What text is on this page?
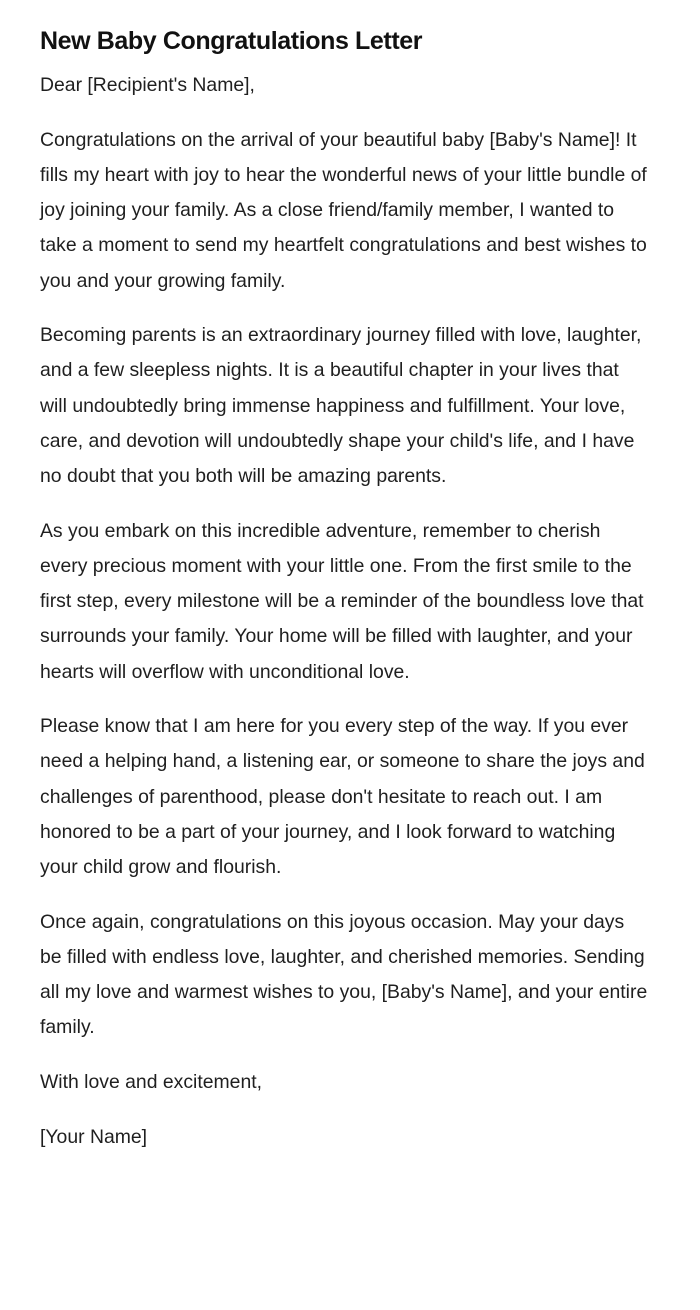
New Baby Congratulations Letter

Dear [Recipient's Name],

Congratulations on the arrival of your beautiful baby [Baby's Name]! It fills my heart with joy to hear the wonderful news of your little bundle of joy joining your family. As a close friend/family member, I wanted to take a moment to send my heartfelt congratulations and best wishes to you and your growing family.

Becoming parents is an extraordinary journey filled with love, laughter, and a few sleepless nights. It is a beautiful chapter in your lives that will undoubtedly bring immense happiness and fulfillment. Your love, care, and devotion will undoubtedly shape your child's life, and I have no doubt that you both will be amazing parents.

As you embark on this incredible adventure, remember to cherish every precious moment with your little one. From the first smile to the first step, every milestone will be a reminder of the boundless love that surrounds your family. Your home will be filled with laughter, and your hearts will overflow with unconditional love.

Please know that I am here for you every step of the way. If you ever need a helping hand, a listening ear, or someone to share the joys and challenges of parenthood, please don't hesitate to reach out. I am honored to be a part of your journey, and I look forward to watching your child grow and flourish.

Once again, congratulations on this joyous occasion. May your days be filled with endless love, laughter, and cherished memories. Sending all my love and warmest wishes to you, [Baby's Name], and your entire family.

With love and excitement,

[Your Name]
